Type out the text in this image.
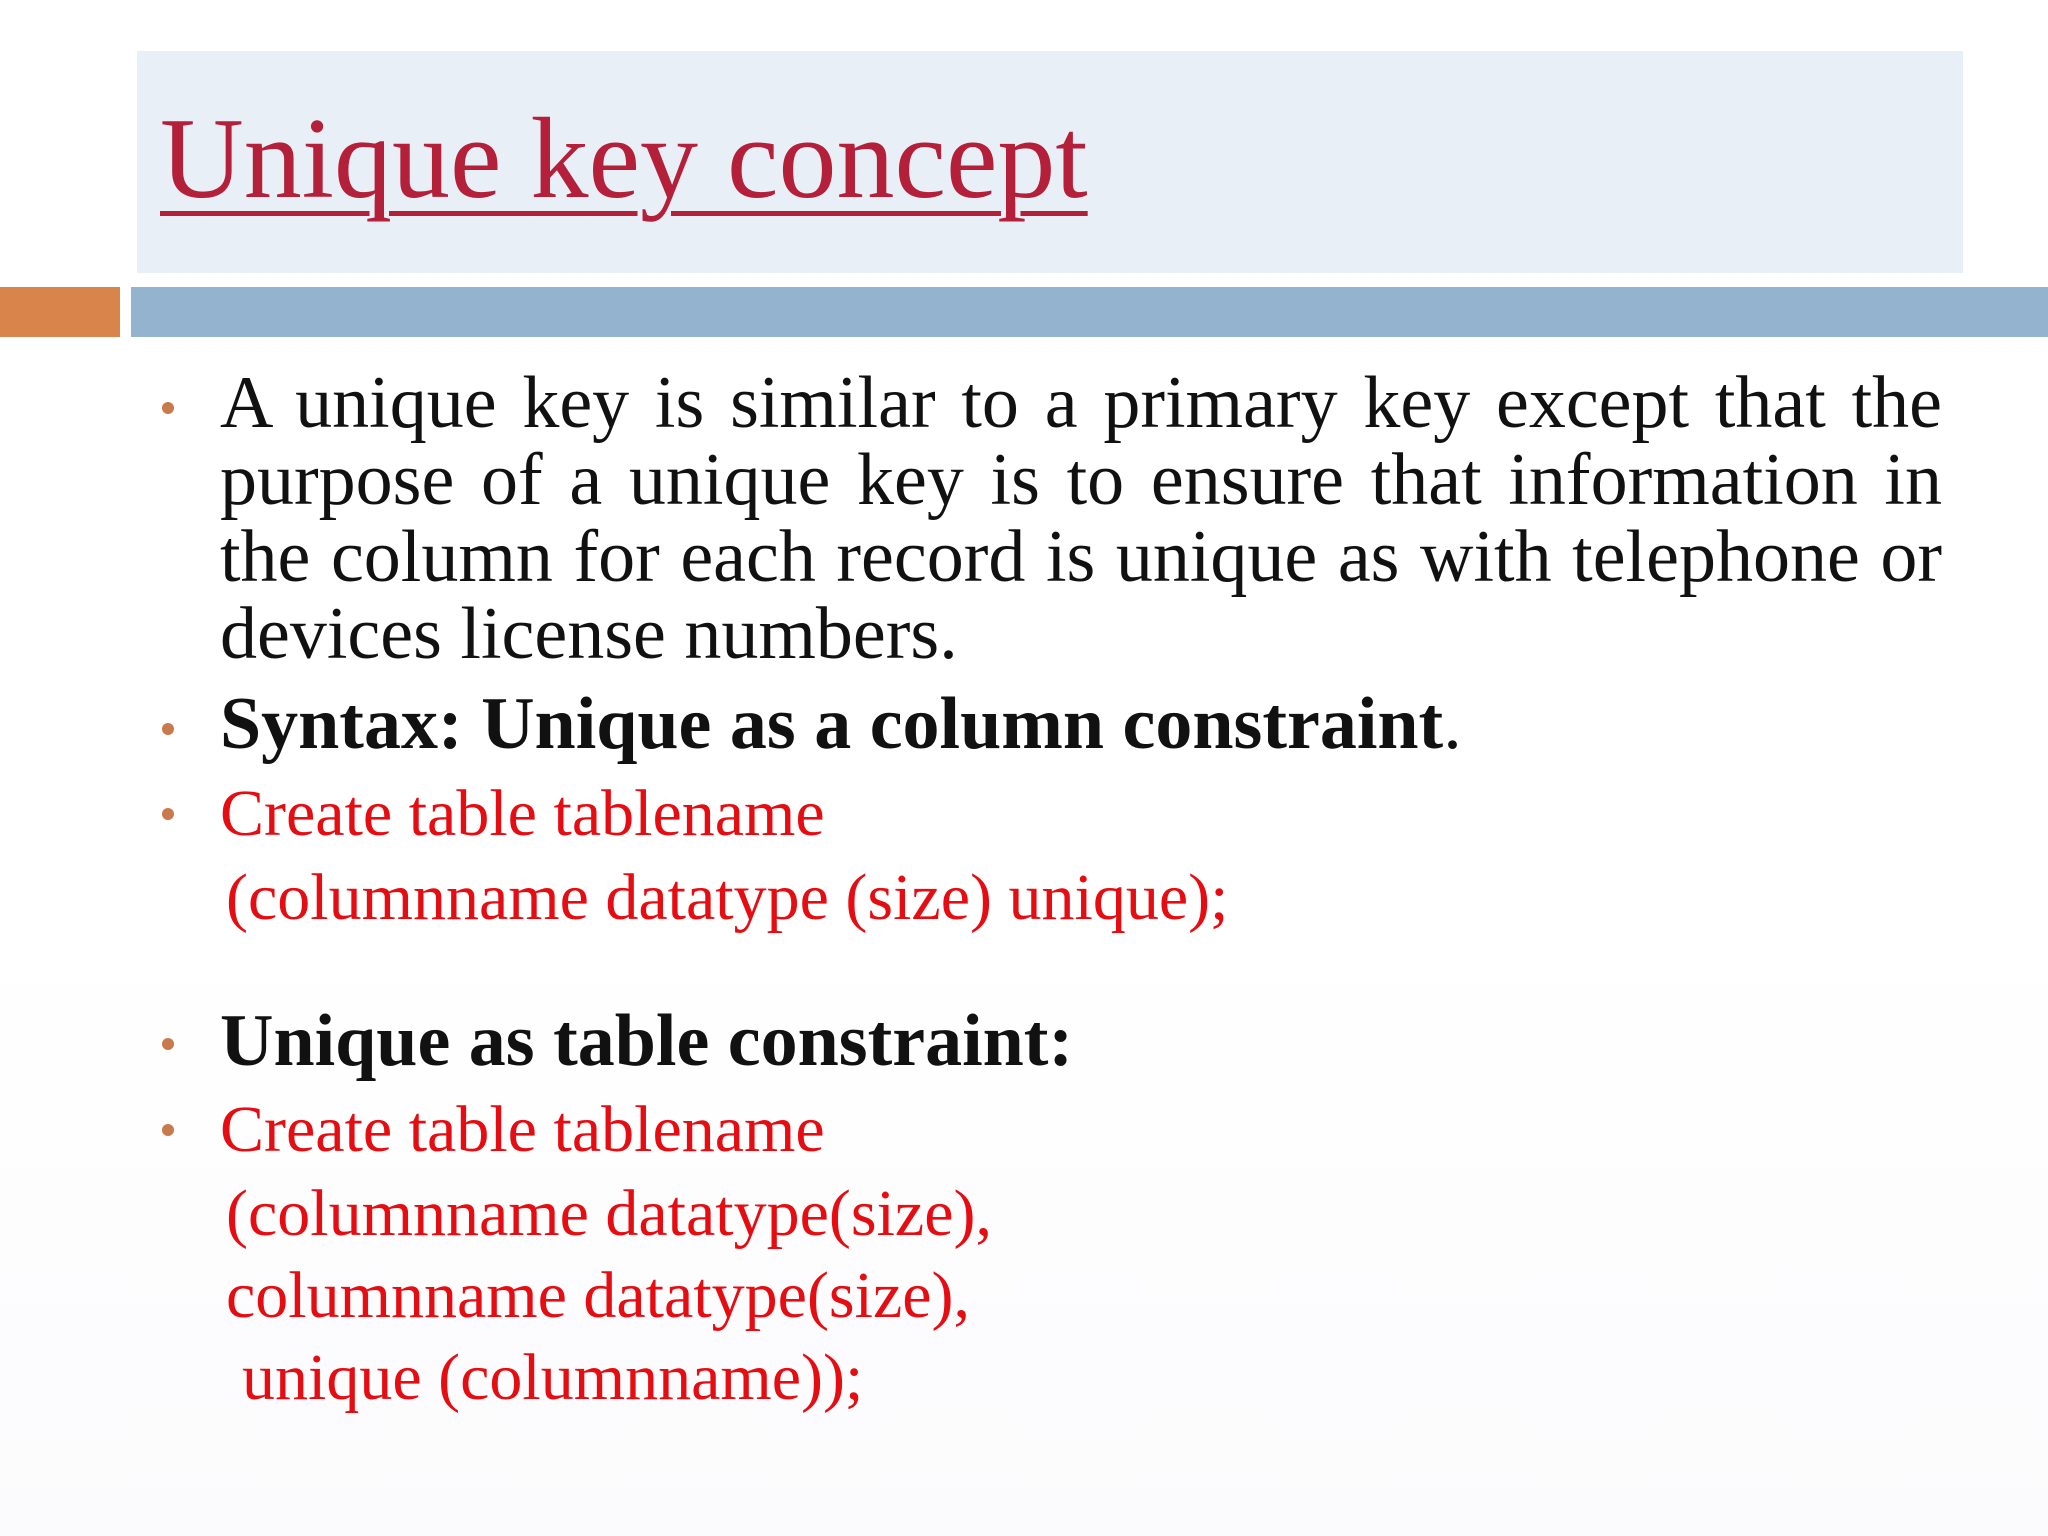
Unique key concept

A unique key is similar to a primary key except that the purpose of a unique key is to ensure that information in the column for each record is unique as with telephone or devices license numbers.

Syntax: Unique as a column constraint.

Create table tablename

(columnname datatype (size) unique);

Unique as table constraint:

Create table tablename

(columnname datatype(size),

columnname datatype(size),

unique (columnname));
